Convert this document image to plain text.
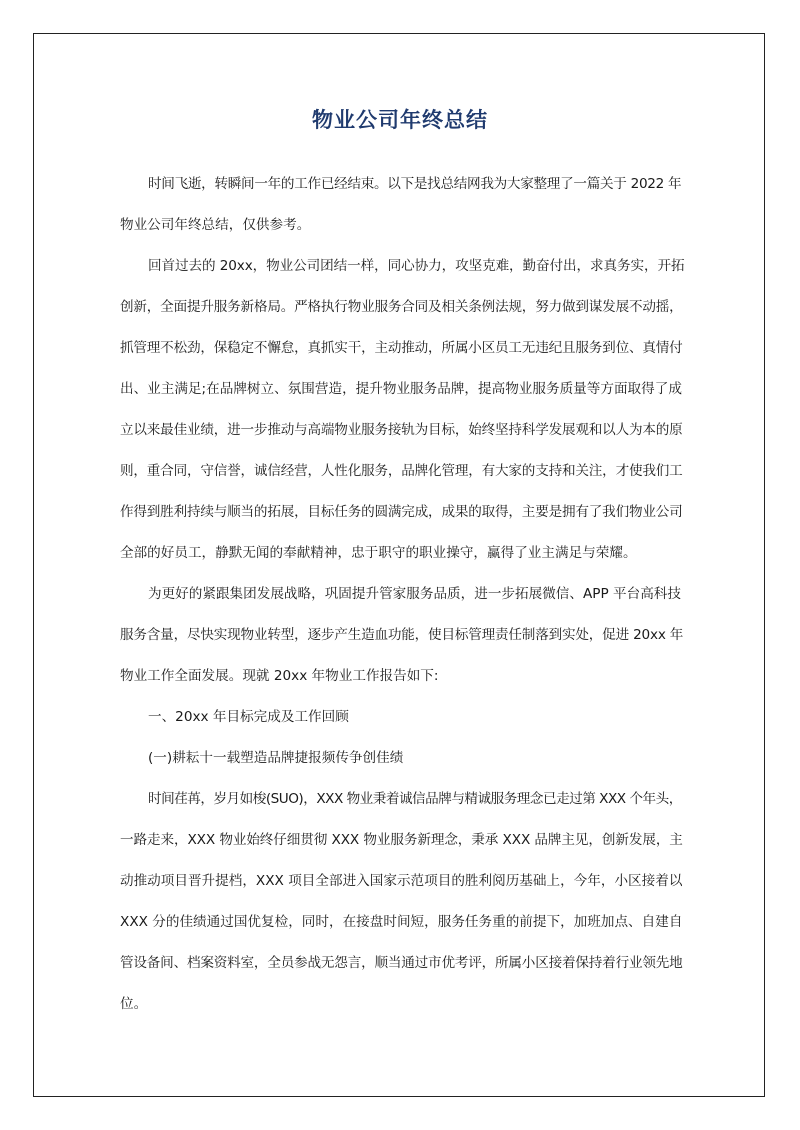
物业公司年终总结
时间飞逝，转瞬间一年的工作已经结束。以下是找总结网我为大家整理了一篇关于 2022 年
物业公司年终总结，仅供参考。
回首过去的 20xx，物业公司团结一样，同心协力，攻坚克难，勤奋付出，求真务实，开拓
创新，全面提升服务新格局。严格执行物业服务合同及相关条例法规，努力做到谋发展不动摇，
抓管理不松劲，保稳定不懈怠，真抓实干，主动推动，所属小区员工无违纪且服务到位、真情付
出、业主满足;在品牌树立、氛围营造，提升物业服务品牌，提高物业服务质量等方面取得了成
立以来最佳业绩，进一步推动与高端物业服务接轨为目标，始终坚持科学发展观和以人为本的原
则，重合同，守信誉，诚信经营，人性化服务，品牌化管理，有大家的支持和关注，才使我们工
作得到胜利持续与顺当的拓展，目标任务的圆满完成，成果的取得，主要是拥有了我们物业公司
全部的好员工，静默无闻的奉献精神，忠于职守的职业操守，赢得了业主满足与荣耀。
为更好的紧跟集团发展战略，巩固提升管家服务品质，进一步拓展微信、APP 平台高科技
服务含量，尽快实现物业转型，逐步产生造血功能，使目标管理责任制落到实处，促进 20xx 年
物业工作全面发展。现就 20xx 年物业工作报告如下:
一、20xx 年目标完成及工作回顾
(一)耕耘十一载塑造品牌捷报频传争创佳绩
时间荏苒，岁月如梭(SUO)，XXX 物业秉着诚信品牌与精诚服务理念已走过第 XXX 个年头，
一路走来，XXX 物业始终仔细贯彻 XXX 物业服务新理念，秉承 XXX 品牌主见，创新发展，主
动推动项目晋升提档，XXX 项目全部进入国家示范项目的胜利阅历基础上，今年，小区接着以
XXX 分的佳绩通过国优复检，同时，在接盘时间短，服务任务重的前提下，加班加点、自建自
管设备间、档案资料室，全员参战无怨言，顺当通过市优考评，所属小区接着保持着行业领先地
位。
